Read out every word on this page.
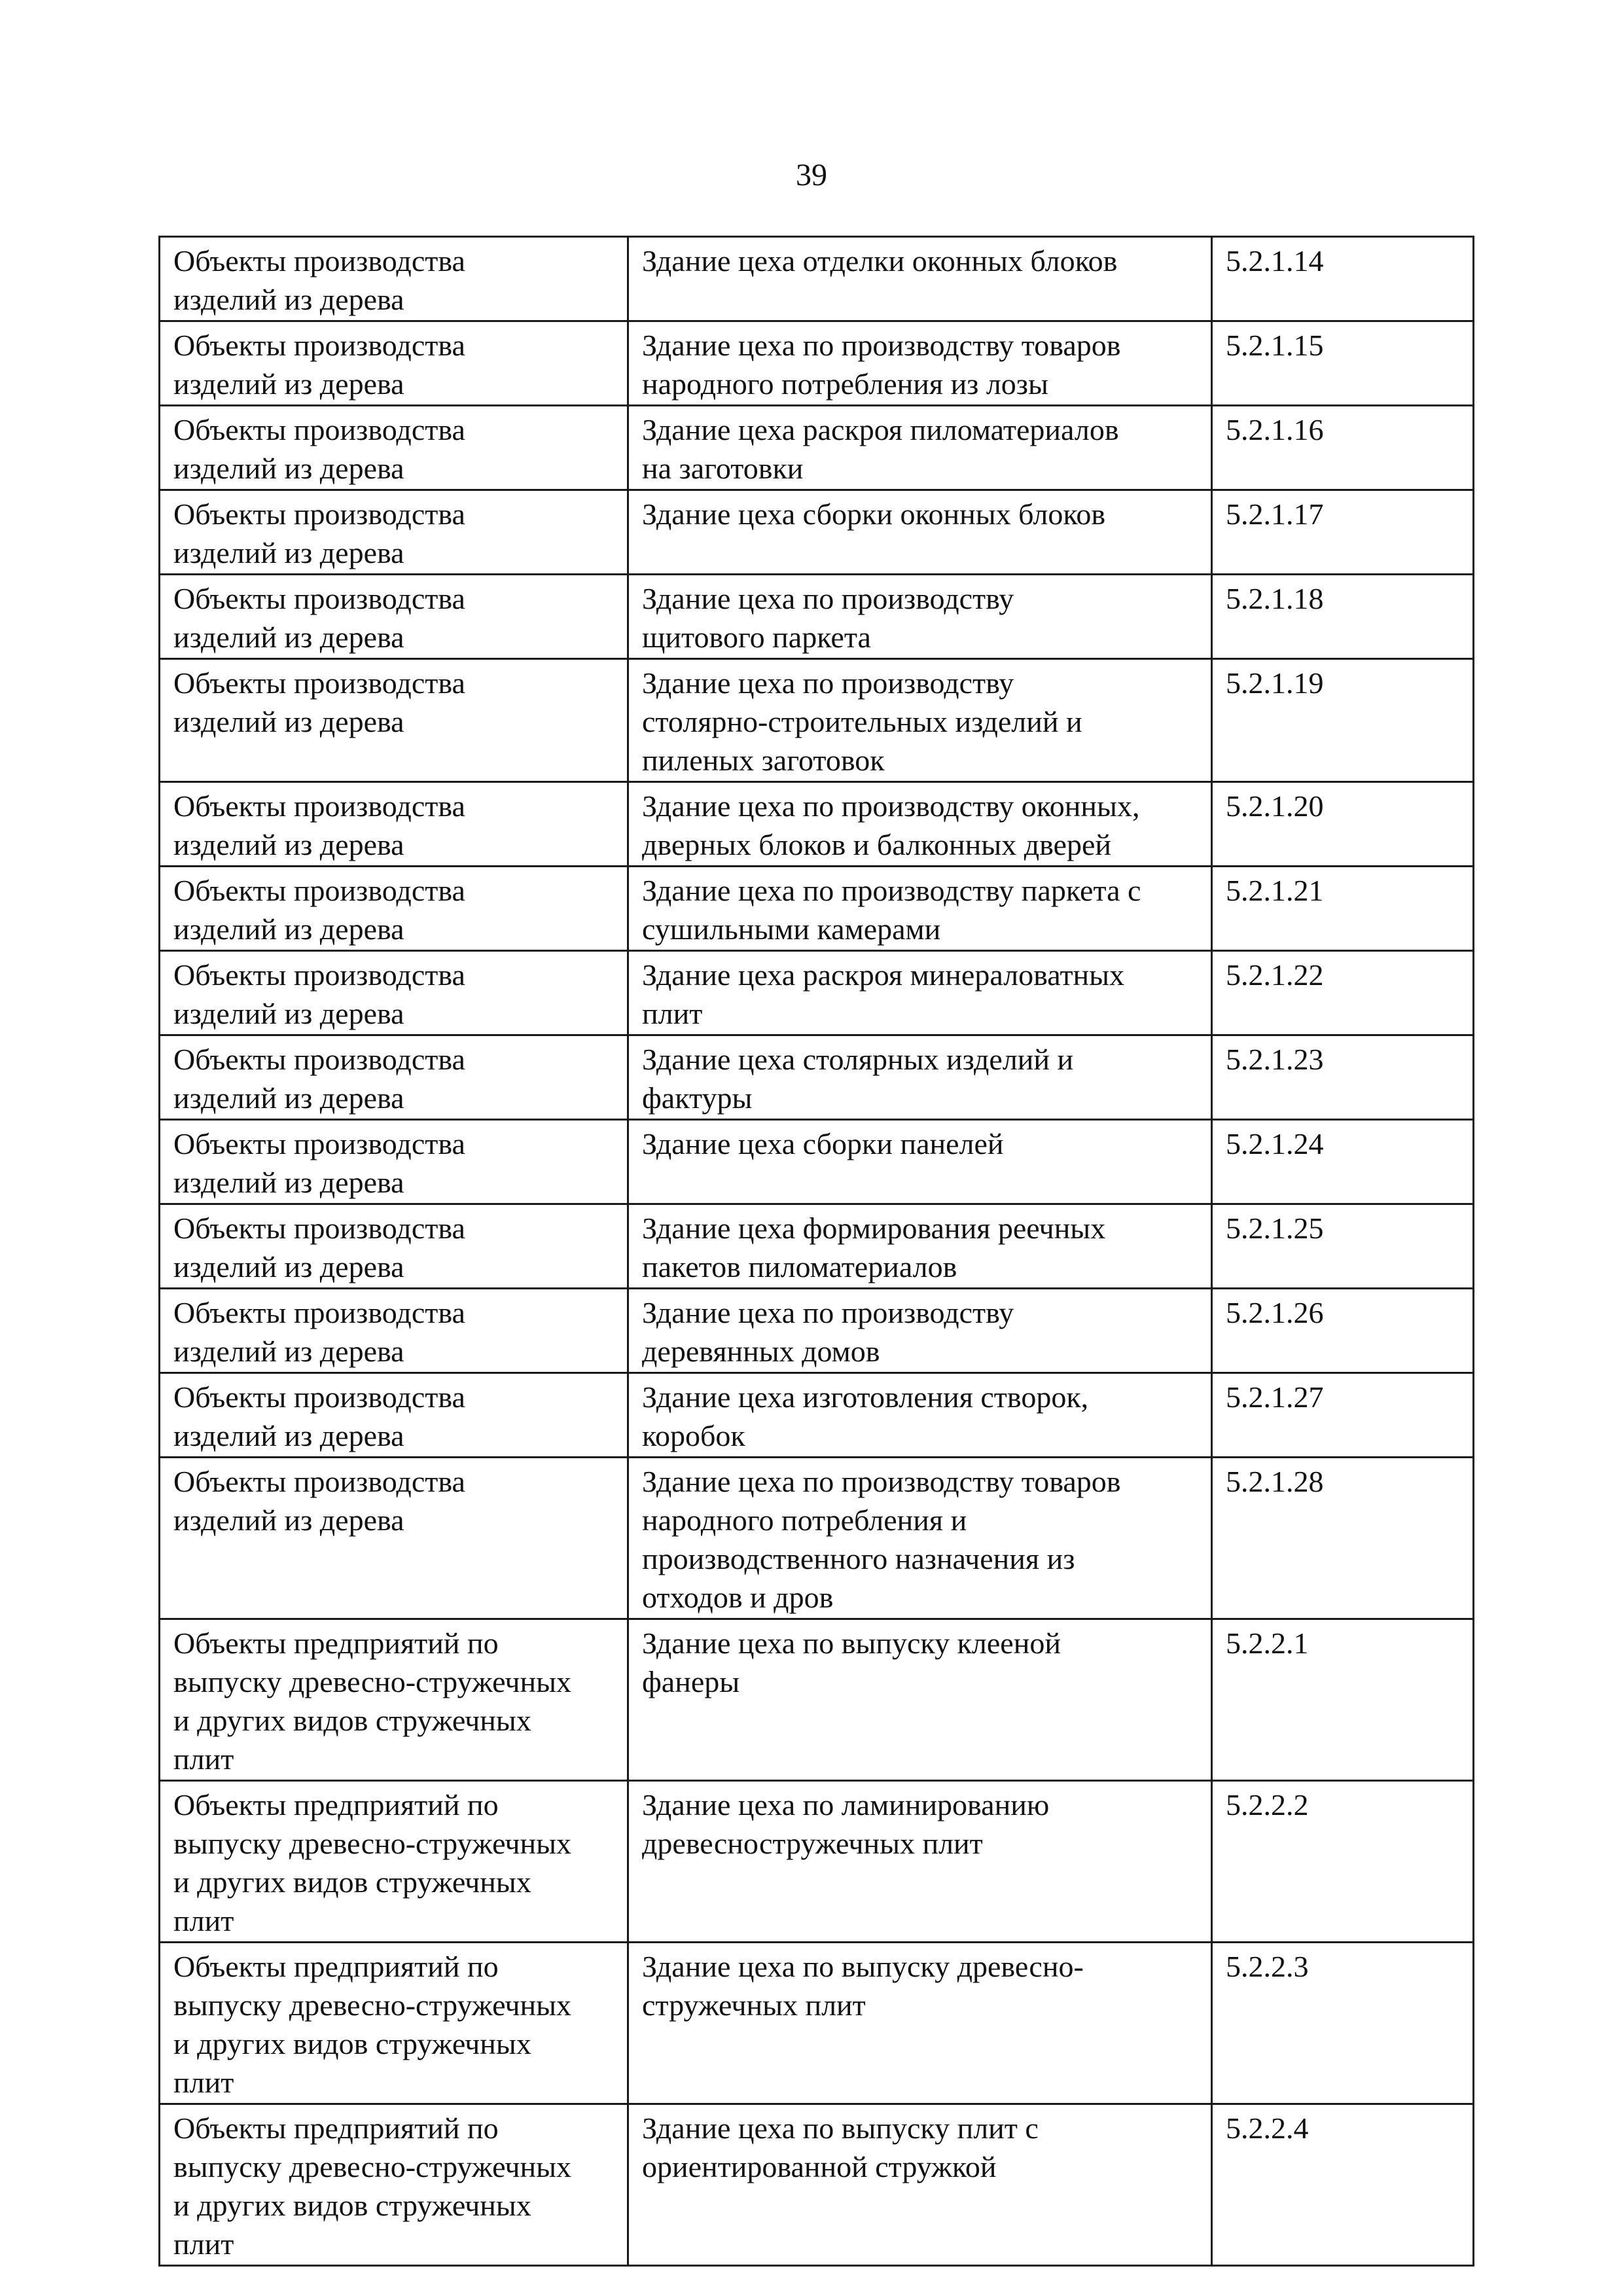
39
Объекты производства
изделий из дерева	Здание цеха отделки оконных блоков	5.2.1.14

Объекты производства
изделий из дерева	Здание цеха по производству товаров
народного потребления из лозы	5.2.1.15

Объекты производства
изделий из дерева	Здание цеха раскроя пиломатериалов
на заготовки	5.2.1.16

Объекты производства
изделий из дерева	Здание цеха сборки оконных блоков	5.2.1.17

Объекты производства
изделий из дерева	Здание цеха по производству
щитового паркета	5.2.1.18

Объекты производства
изделий из дерева	Здание цеха по производству
столярно-строительных изделий и
пиленых заготовок	5.2.1.19

Объекты производства
изделий из дерева	Здание цеха по производству оконных,
дверных блоков и балконных дверей	5.2.1.20

Объекты производства
изделий из дерева	Здание цеха по производству паркета с
сушильными камерами	5.2.1.21

Объекты производства
изделий из дерева	Здание цеха раскроя минераловатных
плит	5.2.1.22

Объекты производства
изделий из дерева	Здание цеха столярных изделий и
фактуры	5.2.1.23

Объекты производства
изделий из дерева	Здание цеха сборки панелей	5.2.1.24

Объекты производства
изделий из дерева	Здание цеха формирования реечных
пакетов пиломатериалов	5.2.1.25

Объекты производства
изделий из дерева	Здание цеха по производству
деревянных домов	5.2.1.26

Объекты производства
изделий из дерева	Здание цеха изготовления створок,
коробок	5.2.1.27

Объекты производства
изделий из дерева	Здание цеха по производству товаров
народного потребления и
производственного назначения из
отходов и дров	5.2.1.28

Объекты предприятий по
выпуску древесно-стружечных
и других видов стружечных
плит	Здание цеха по выпуску клееной
фанеры	5.2.2.1

Объекты предприятий по
выпуску древесно-стружечных
и других видов стружечных
плит	Здание цеха по ламинированию
древесностружечных плит	5.2.2.2

Объекты предприятий по
выпуску древесно-стружечных
и других видов стружечных
плит	Здание цеха по выпуску древесно-
стружечных плит	5.2.2.3

Объекты предприятий по
выпуску древесно-стружечных
и других видов стружечных
плит	Здание цеха по выпуску плит с
ориентированной стружкой	5.2.2.4
